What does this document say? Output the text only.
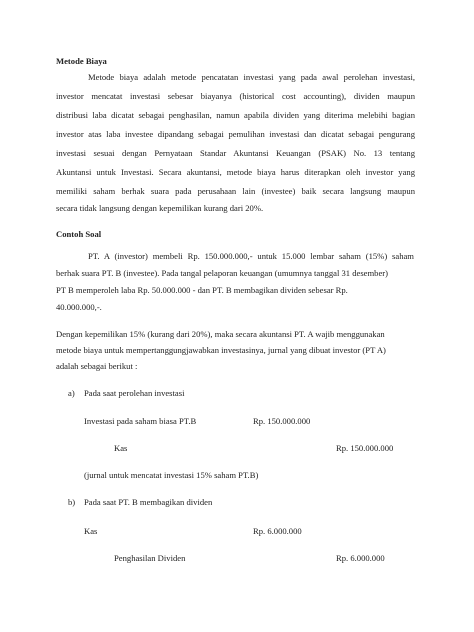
Metode Biaya
Metode biaya adalah metode pencatatan investasi yang pada awal perolehan investasi,
investor mencatat investasi sebesar biayanya (historical cost accounting), dividen maupun
distribusi laba dicatat sebagai penghasilan, namun apabila dividen yang diterima melebihi bagian
investor atas laba investee dipandang sebagai pemulihan investasi dan dicatat sebagai pengurang
investasi sesuai dengan Pernyataan Standar Akuntansi Keuangan (PSAK) No. 13 tentang
Akuntansi untuk Investasi. Secara akuntansi, metode biaya harus diterapkan oleh investor yang
memiliki saham berhak suara pada perusahaan lain (investee) baik secara langsung maupun
secara tidak langsung dengan kepemilikan kurang dari 20%.
Contoh Soal
PT. A (investor) membeli Rp. 150.000.000,- untuk 15.000 lembar saham (15%) saham
berhak suara PT. B (investee). Pada tangal pelaporan keuangan (umumnya tanggal 31 desember)
PT B memperoleh laba Rp. 50.000.000 - dan PT. B membagikan dividen sebesar Rp.
40.000.000,-.
Dengan kepemilikan 15% (kurang dari 20%), maka secara akuntansi PT. A wajib menggunakan
metode biaya untuk mempertanggungjawabkan investasinya, jurnal yang dibuat investor (PT A)
adalah sebagai berikut :
a) Pada saat perolehan investasi
Investasi pada saham biasa PT.B	Rp. 150.000.000
Kas	Rp. 150.000.000
(jurnal untuk mencatat investasi 15% saham PT.B)
b) Pada saat PT. B membagikan dividen
Kas	Rp. 6.000.000
Penghasilan Dividen	Rp. 6.000.000
